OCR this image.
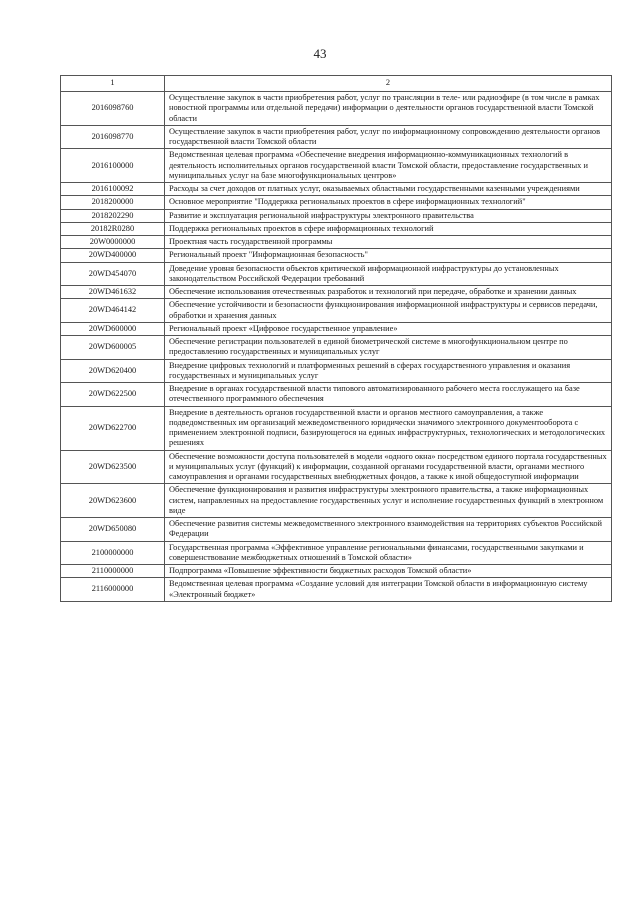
43
1	2
2016098760	Осуществление закупок в части приобретения работ, услуг по трансляции в теле- или радиоэфире (в том числе в рамках новостной программы или отдельной передачи) информации о деятельности органов государственной власти Томской области
2016098770	Осуществление закупок в части приобретения работ, услуг по информационному сопровождению деятельности органов государственной власти Томской области
2016100000	Ведомственная целевая программа «Обеспечение внедрения информационно-коммуникационных технологий в деятельность исполнительных органов государственной власти Томской области, предоставление государственных и муниципальных услуг на базе многофункциональных центров»
2016100092	Расходы за счет доходов от платных услуг, оказываемых областными государственными казенными учреждениями
2018200000	Основное мероприятие "Поддержка региональных проектов в сфере информационных технологий"
2018202290	Развитие и эксплуатация региональной инфраструктуры электронного правительства
20182R0280	Поддержка региональных проектов в сфере информационных технологий
20W0000000	Проектная часть государственной программы
20WD400000	Региональный проект "Информационная безопасность"
20WD454070	Доведение уровня безопасности объектов критической информационной инфраструктуры до установленных законодательством Российской Федерации требований
20WD461632	Обеспечение использования отечественных разработок и технологий при передаче, обработке и хранении данных
20WD464142	Обеспечение устойчивости и безопасности функционирования информационной инфраструктуры и сервисов передачи, обработки и хранения данных
20WD600000	Региональный проект «Цифровое государственное управление»
20WD600005	Обеспечение регистрации пользователей в единой биометрической системе в многофункциональном центре по предоставлению государственных и муниципальных услуг
20WD620400	Внедрение цифровых технологий и платформенных решений в сферах государственного управления и оказания государственных и муниципальных услуг
20WD622500	Внедрение в органах государственной власти типового автоматизированного рабочего места госслужащего на базе отечественного программного обеспечения
20WD622700	Внедрение в деятельность органов государственной власти и органов местного самоуправления, а также подведомственных им организаций межведомственного юридически значимого электронного документооборота с применением электронной подписи, базирующегося на единых инфраструктурных, технологических и методологических решениях
20WD623500	Обеспечение возможности доступа пользователей в модели «одного окна» посредством единого портала государственных и муниципальных услуг (функций) к информации, созданной органами государственной власти, органами местного самоуправления и органами государственных внебюджетных фондов, а также к иной общедоступной информации
20WD623600	Обеспечение функционирования и развития инфраструктуры электронного правительства, а также информационных систем, направленных на предоставление государственных услуг и исполнение государственных функций в электронном виде
20WD650080	Обеспечение развития системы межведомственного электронного взаимодействия на территориях субъектов Российской Федерации
2100000000	Государственная программа «Эффективное управление региональными финансами, государственными закупками и совершенствование межбюджетных отношений в Томской области»
2110000000	Подпрограмма «Повышение эффективности бюджетных расходов Томской области»
2116000000	Ведомственная целевая программа «Создание условий для интеграции Томской области в информационную систему «Электронный бюджет»
